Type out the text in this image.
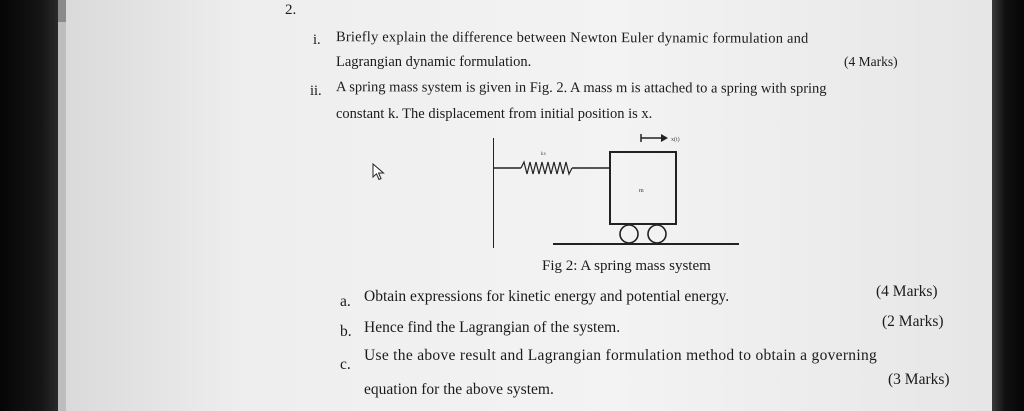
2.
i. Briefly explain the difference between Newton Euler dynamic formulation and
Lagrangian dynamic formulation.	(4 Marks)
ii. A spring mass system is given in Fig. 2. A mass m is attached to a spring with spring
constant k. The displacement from initial position is x.
x(t)
kx
m
Fig 2: A spring mass system
a. Obtain expressions for kinetic energy and potential energy.	(4 Marks)
b. Hence find the Lagrangian of the system.	(2 Marks)
c.
Use the above result and Lagrangian formulation method to obtain a governing
equation for the above system.
(3 Marks)
